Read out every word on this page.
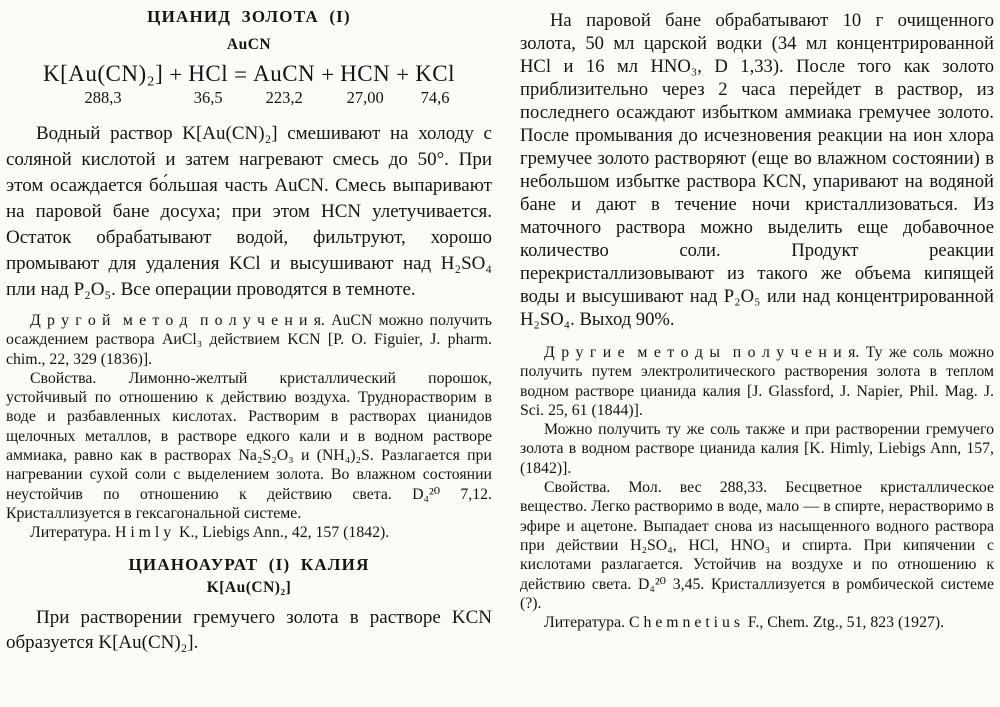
ЦИАНИД ЗОЛОТА (I)
AuCN
K[Au(CN)₂]
288,3
+ HCl
36,5
= AuCN
223,2
+ HCN
27,00
+ KCl
74,6

Водный раствор K[Au(CN)₂] смешивают на холоду с соляной кислотой и затем нагревают смесь до 50°. При этом осаждается бо́льшая часть AuCN. Смесь выпаривают на паровой бане досуха; при этом HCN улетучивается. Остаток обрабатывают водой, фильтруют, хорошо промывают для удаления KCl и высушивают над H₂SO₄ пли над P₂O₅. Все операции проводятся в темноте.

Д р у г о й  м е т о д  п о л у ч е н и я. AuCN можно получить осаждением раствора AиCl₃ действием KCN [P. O. Figuier, J. pharm. chim., 22, 329 (1836)].

Свойства. Лимонно-желтый кристаллический порошок, устойчивый по отношению к действию воздуха. Труднорастворим в воде и разбавленных кислотах. Растворим в растворах цианидов щелочных металлов, в растворе едкого кали и в водном растворе аммиака, равно как в растворах Na₂S₂O₃ и (NH₄)₂S. Разлагается при нагревании сухой соли с выделением золота. Во влажном состоянии неустойчив по отношению к действию света. D₄²⁰ 7,12. Кристаллизуется в гексагональной системе.

Литература. H i m l y  K., Liebigs Ann., 42, 157 (1842).

ЦИАНОАУРАТ (I) КАЛИЯ
K[Au(CN)₂]

При растворении гремучего золота в растворе KCN образуется K[Au(CN)₂].

На паровой бане обрабатывают 10 г очищенного золота, 50 мл царской водки (34 мл концентрированной HCl и 16 мл HNO₃, D 1,33). После того как золото приблизительно через 2 часа перейдет в раствор, из последнего осаждают избытком аммиака гремучее золото. После промывания до исчезновения реакции на ион хлора гремучее золото растворяют (еще во влажном состоянии) в небольшом избытке раствора KCN, упаривают на водяной бане и дают в течение ночи кристаллизоваться. Из маточного раствора можно выделить еще добавочное количество соли. Продукт реакции перекристаллизовывают из такого же объема кипящей воды и высушивают над P₂O₅ или над концентрированной H₂SO₄. Выход 90%.

Д р у г и е  м е т о д ы  п о л у ч е н и я. Ту же соль можно получить путем электролитического растворения золота в теплом водном растворе цианида калия [J. Glassford, J. Napier, Phil. Mag. J. Sci. 25, 61 (1844)].

Можно получить ту же соль также и при растворении гремучего золота в водном растворе цианида калия [K. Himly, Liebigs Ann, 157, (1842)].

Свойства. Мол. вес 288,33. Бесцветное кристаллическое вещество. Легко растворимо в воде, мало — в спирте, нерастворимо в эфире и ацетоне. Выпадает снова из насыщенного водного раствора при действии H₂SO₄, HCl, HNO₃ и спирта. При кипячении с кислотами разлагается. Устойчив на воздухе и по отношению к действию света. D₄²⁰ 3,45. Кристаллизуется в ромбической системе (?).

Литература. C h e m n e t i u s  F., Chem. Ztg., 51, 823 (1927).
